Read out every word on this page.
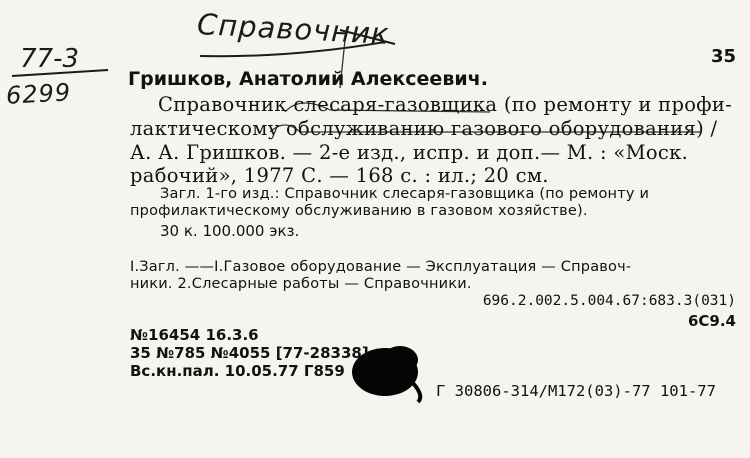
Справочник
77-3
6299
35
Гришков, Анатолий Алексеевич.
Справочник слесаря-газовщика (по ремонту и профи-
лактическому обслуживанию газового оборудования) /
А. А. Гришков. — 2-е изд., испр. и доп.— М. : «Моск.
рабочий», 1977 С. — 168 с. : ил.; 20 см.
Загл. 1-го изд.: Справочник слесаря-газовщика (по ремонту и
профилактическому обслуживанию в газовом хозяйстве).
30 к. 100.000 экз.
I.Загл. ——I.Газовое оборудование — Эксплуатация — Справоч-
ники. 2.Слесарные работы — Справочники.
696.2.002.5.004.67:683.3(031)
6С9.4
№16454 16.3.6
35 №785 №4055 [77-28338]
Вс.кн.пал. 10.05.77 Г859
Г 30806-314/М172(03)-77 101-77
